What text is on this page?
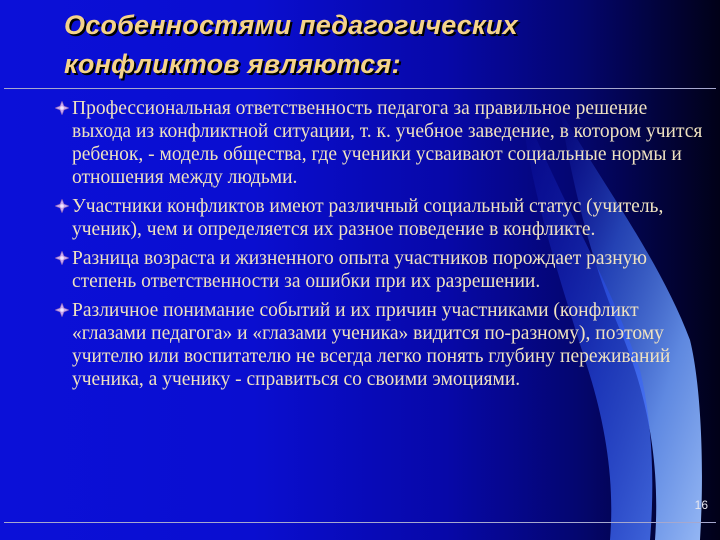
Особенностями педагогических конфликтов являются:
Профессиональная ответственность педагога за правильное решение выхода из конфликтной ситуации, т. к. учебное заведение, в котором учится ребенок, - модель общества, где ученики усваивают социальные нормы и отношения между людьми.
Участники конфликтов имеют различный социальный статус (учитель, ученик), чем и определяется их разное поведение в конфликте.
Разница возраста и жизненного опыта участников порождает разную степень ответственности за ошибки при их разрешении.
Различное понимание событий и их причин участниками (конфликт «глазами педагога» и «глазами ученика» видится по-разному), поэтому учителю или воспитателю не всегда легко понять глубину переживаний ученика, а ученику - справиться со своими эмоциями.
16
